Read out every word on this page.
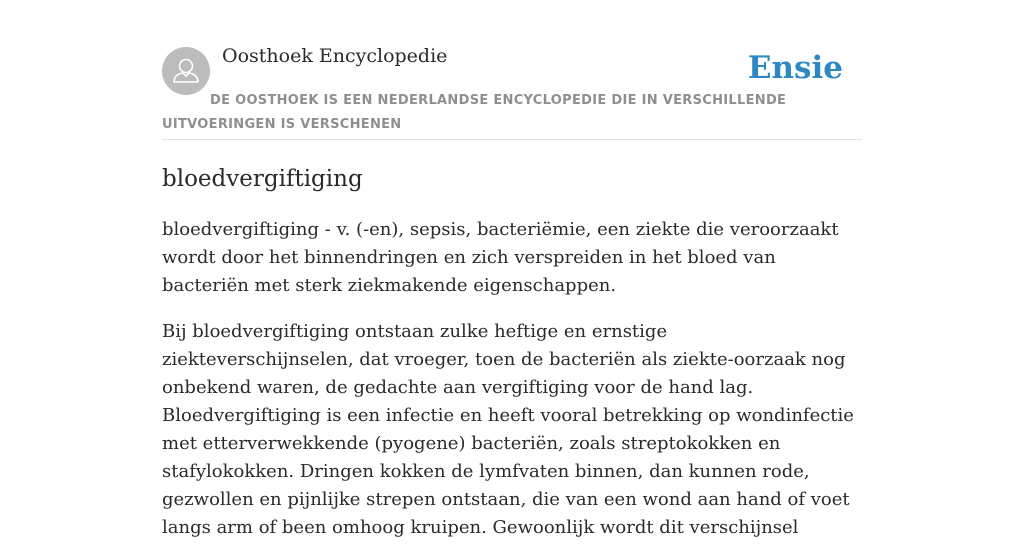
Oosthoek Encyclopedie	Ensie
DE OOSTHOEK IS EEN NEDERLANDSE ENCYCLOPEDIE DIE IN VERSCHILLENDE UITVOERINGEN IS VERSCHENEN
bloedvergiftiging

bloedvergiftiging - v. (-en), sepsis, bacteriëmie, een ziekte die veroorzaakt wordt door het binnendringen en zich verspreiden in het bloed van bacteriën met sterk ziekmakende eigenschappen.

Bij bloedvergiftiging ontstaan zulke heftige en ernstige ziekteverschijnselen, dat vroeger, toen de bacteriën als ziekte-oorzaak nog onbekend waren, de gedachte aan vergiftiging voor de hand lag. Bloedvergiftiging is een infectie en heeft vooral betrekking op wondinfectie met etterverwekkende (pyogene) bacteriën, zoals streptokokken en stafylokokken. Dringen kokken de lymfvaten binnen, dan kunnen rode, gezwollen en pijnlijke strepen ontstaan, die van een wond aan hand of voet langs arm of been omhoog kruipen. Gewoonlijk wordt dit verschijnsel
